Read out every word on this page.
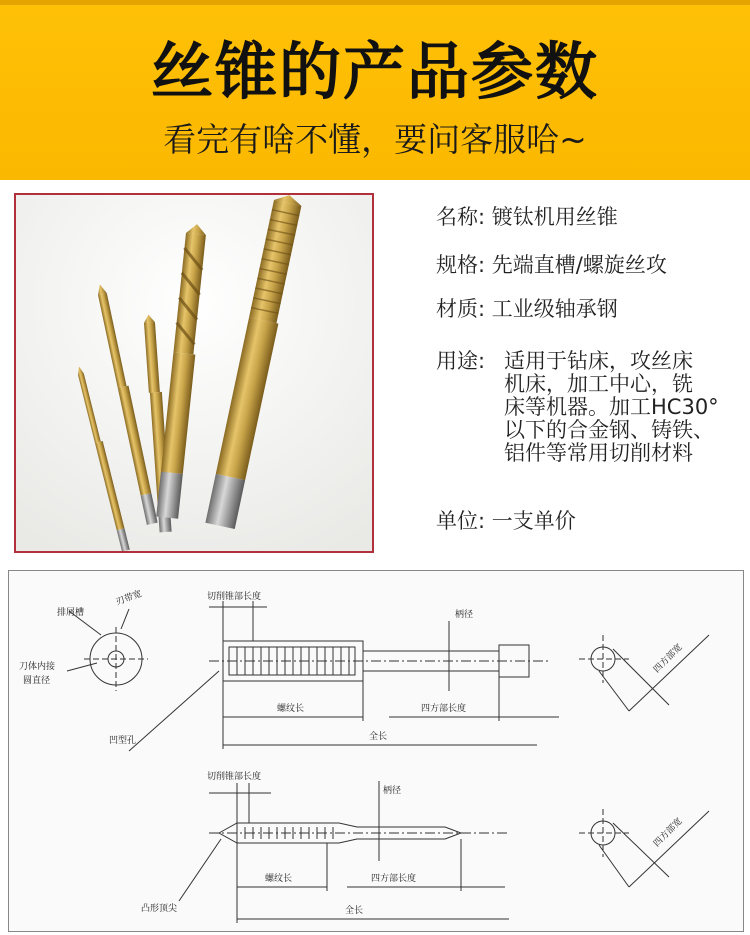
丝锥的产品参数
看完有啥不懂，要问客服哈~
名称: 镀钛机用丝锥
规格: 先端直槽/螺旋丝攻
材质: 工业级轴承钢
用途: 适用于钻床，攻丝床
机床，加工中心，铣
床等机器。加工HC30°
以下的合金钢、铸铁、
铝件等常用切削材料
单位: 一支单价
排屑槽
刃带宽
刀体内接
圆直径
凹型孔
切削锥部长度
柄径
螺纹长	四方部长度
全长
四方部宽
切削锥部长度
柄径
螺纹长	四方部长度
凸形顶尖	全长
四方部宽
